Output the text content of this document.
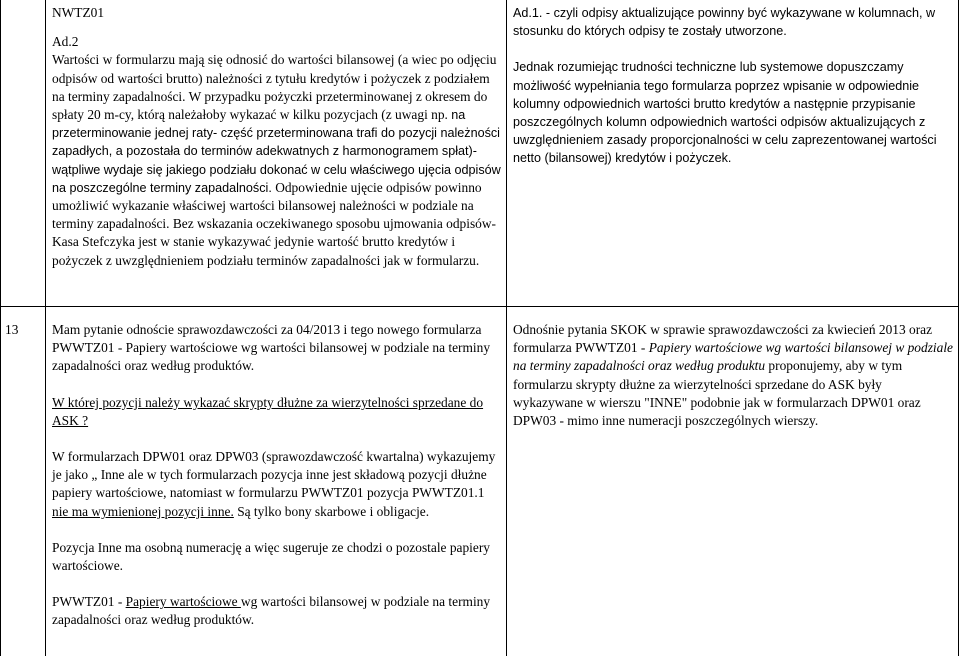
NWTZ01

Ad.2

Wartości w formularzu mają się odnosić do wartości bilansowej (a wiec po odjęciu odpisów od wartości brutto) należności z tytułu kredytów i pożyczek z podziałem na terminy zapadalności. W przypadku pożyczki przeterminowanej z okresem do spłaty 20 m-cy, którą należałoby wykazać w kilku pozycjach (z uwagi np. na przeterminowanie jednej raty- część przeterminowana trafi do pozycji należności zapadłych, a pozostała do terminów adekwatnych z harmonogramem spłat)- wątpliwe wydaje się jakiego podziału dokonać w celu właściwego ujęcia odpisów na poszczególne terminy zapadalności. Odpowiednie ujęcie odpisów powinno umożliwić wykazanie właściwej wartości bilansowej należności w podziale na terminy zapadalności. Bez wskazania oczekiwanego sposobu ujmowania odpisów- Kasa Stefczyka jest w stanie wykazywać jedynie wartość brutto kredytów i pożyczek z uwzględnieniem podziału terminów zapadalności jak w formularzu.

Ad.1. - czyli odpisy aktualizujące powinny być wykazywane w kolumnach, w stosunku do których odpisy te zostały utworzone.

Jednak rozumiejąc trudności techniczne lub systemowe dopuszczamy możliwość wypełniania tego formularza poprzez wpisanie w odpowiednie kolumny odpowiednich wartości brutto kredytów a następnie przypisanie poszczególnych kolumn odpowiednich wartości odpisów aktualizujących z uwzględnieniem zasady proporcjonalności w celu zaprezentowanej wartości netto (bilansowej) kredytów i pożyczek.

13	Mam pytanie odnoście sprawozdawczości za 04/2013 i tego nowego formularza PWWTZ01 - Papiery wartościowe wg wartości bilansowej w podziale na terminy zapadalności oraz według produktów.

W której pozycji należy wykazać skrypty dłużne za wierzytelności sprzedane do ASK ?

W formularzach DPW01 oraz DPW03 (sprawozdawczość kwartalna) wykazujemy je jako „ Inne ale w tych formularzach pozycja inne jest składową pozycji dłużne papiery wartościowe, natomiast w formularzu PWWTZ01 pozycja PWWTZ01.1 nie ma wymienionej pozycji inne. Są tylko bony skarbowe i obligacje.

Pozycja Inne ma osobną numerację a więc sugeruje ze chodzi o pozostale papiery wartościowe.

PWWTZ01 - Papiery wartościowe wg wartości bilansowej w podziale na terminy zapadalności oraz według produktów.

Odnośnie pytania SKOK w sprawie sprawozdawczości za kwiecień 2013 oraz formularza PWWTZ01 - Papiery wartościowe wg wartości bilansowej w podziale na terminy zapadalności oraz według produktu proponujemy, aby w tym formularzu skrypty dłużne za wierzytelności sprzedane do ASK były wykazywane w wierszu "INNE" podobnie jak w formularzach DPW01 oraz DPW03 - mimo inne numeracji poszczególnych wierszy.
